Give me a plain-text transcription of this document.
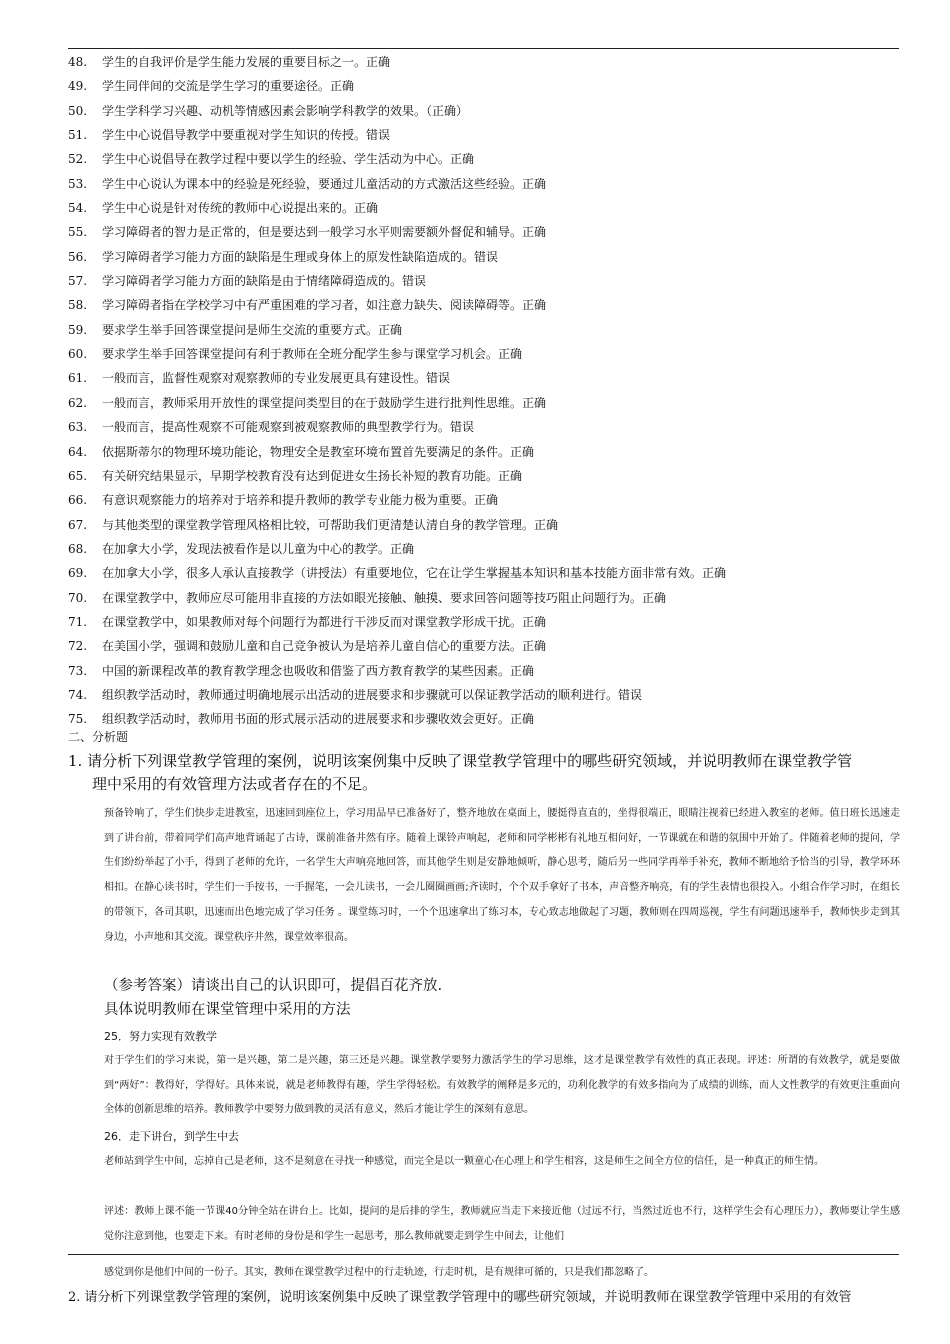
48. 学生的自我评价是学生能力发展的重要目标之一。正确
49. 学生同伴间的交流是学生学习的重要途径。正确
50. 学生学科学习兴趣、动机等情感因素会影响学科教学的效果。（正确）
51. 学生中心说倡导教学中要重视对学生知识的传授。错误
52. 学生中心说倡导在教学过程中要以学生的经验、学生活动为中心。正确
53. 学生中心说认为课本中的经验是死经验，要通过儿童活动的方式激活这些经验。正确
54. 学生中心说是针对传统的教师中心说提出来的。正确
55. 学习障碍者的智力是正常的，但是要达到一般学习水平则需要额外督促和辅导。正确
56. 学习障碍者学习能力方面的缺陷是生理或身体上的原发性缺陷造成的。错误
57. 学习障碍者学习能力方面的缺陷是由于情绪障碍造成的。错误
58. 学习障碍者指在学校学习中有严重困难的学习者，如注意力缺失、阅读障碍等。正确
59. 要求学生举手回答课堂提问是师生交流的重要方式。正确
60. 要求学生举手回答课堂提问有利于教师在全班分配学生参与课堂学习机会。正确
61. 一般而言，监督性观察对观察教师的专业发展更具有建设性。错误
62. 一般而言，教师采用开放性的课堂提问类型目的在于鼓励学生进行批判性思维。正确
63. 一般而言，提高性观察不可能观察到被观察教师的典型教学行为。错误
64. 依据斯蒂尔的物理环境功能论，物理安全是教室环境布置首先要满足的条件。正确
65. 有关研究结果显示，早期学校教育没有达到促进女生扬长补短的教育功能。正确
66. 有意识观察能力的培养对于培养和提升教师的教学专业能力极为重要。正确
67. 与其他类型的课堂教学管理风格相比较，可帮助我们更清楚认清自身的教学管理。正确
68. 在加拿大小学，发现法被看作是以儿童为中心的教学。正确
69. 在加拿大小学，很多人承认直接教学（讲授法）有重要地位，它在让学生掌握基本知识和基本技能方面非常有效。正确
70. 在课堂教学中，教师应尽可能用非直接的方法如眼光接触、触摸、要求回答问题等技巧阻止问题行为。正确
71. 在课堂教学中，如果教师对每个问题行为都进行干涉反而对课堂教学形成干扰。正确
72. 在美国小学，强调和鼓励儿童和自己竞争被认为是培养儿童自信心的重要方法。正确
73. 中国的新课程改革的教育教学理念也吸收和借鉴了西方教育教学的某些因素。正确
74. 组织教学活动时，教师通过明确地展示出活动的进展要求和步骤就可以保证教学活动的顺利进行。错误
75. 组织教学活动时，教师用书面的形式展示活动的进展要求和步骤收效会更好。正确
二、分析题
1. 请分析下列课堂教学管理的案例，说明该案例集中反映了课堂教学管理中的哪些研究领域，并说明教师在课堂教学管
理中采用的有效管理方法或者存在的不足。
预备铃响了，学生们快步走进教室，迅速回到座位上，学习用品早已准备好了，整齐地放在桌面上，腰挺得直直的，坐得很端正，眼睛注视着已经进入教室的老师。值日班长迅速走到了讲台前，带着同学们高声地背诵起了古诗，课前准备井然有序。随着上课铃声响起，老师和同学彬彬有礼地互相问好，一节课就在和谐的氛围中开始了。伴随着老师的提问，学生们纷纷举起了小手，得到了老师的允许，一名学生大声响亮地回答，而其他学生则是安静地倾听，静心思考，随后另一些同学再举手补充，教师不断地给予恰当的引导，教学环环相扣。在静心读书时，学生们一手按书，一手握笔，一会儿读书，一会儿圈圈画画;齐读时，个个双手拿好了书本，声音整齐响亮，有的学生表情也很投入。小组合作学习时，在组长的带领下，各司其职，迅速而出色地完成了学习任务 。课堂练习时，一个个迅速拿出了练习本，专心致志地做起了习题，教师则在四周巡视，学生有问题迅速举手，教师快步走到其身边，小声地和其交流。课堂秩序井然，课堂效率很高。
（参考答案）请谈出自己的认识即可，提倡百花齐放.
具体说明教师在课堂管理中采用的方法
25．努力实现有效教学
对于学生们的学习来说，第一是兴趣，第二是兴趣，第三还是兴趣。课堂教学要努力激活学生的学习思维，这才是课堂教学有效性的真正表现。评述：所谓的有效教学，就是要做到“两好”：教得好，学得好。具体来说，就是老师教得有趣，学生学得轻松。有效教学的阐释是多元的，功利化教学的有效多指向为了成绩的训练，而人文性教学的有效更注重面向全体的创新思维的培养。教师教学中要努力做到教的灵活有意义，然后才能让学生的深刻有意思。
26．走下讲台，到学生中去
老师站到学生中间，忘掉自己是老师，这不是刻意在寻找一种感觉，而完全是以一颗童心在心理上和学生相容，这是师生之间全方位的信任，是一种真正的师生情。
评述：教师上课不能一节课40分钟全站在讲台上。比如，提问的是后排的学生，教师就应当走下来接近他（过远不行，当然过近也不行，这样学生会有心理压力），教师要让学生感觉你注意到他，也要走下来。有时老师的身份是和学生一起思考，那么教师就要走到学生中间去，让他们
感觉到你是他们中间的一份子。其实，教师在课堂教学过程中的行走轨迹，行走时机，是有规律可循的，只是我们都忽略了。
2. 请分析下列课堂教学管理的案例，说明该案例集中反映了课堂教学管理中的哪些研究领域，并说明教师在课堂教学管理中采用的有效管
